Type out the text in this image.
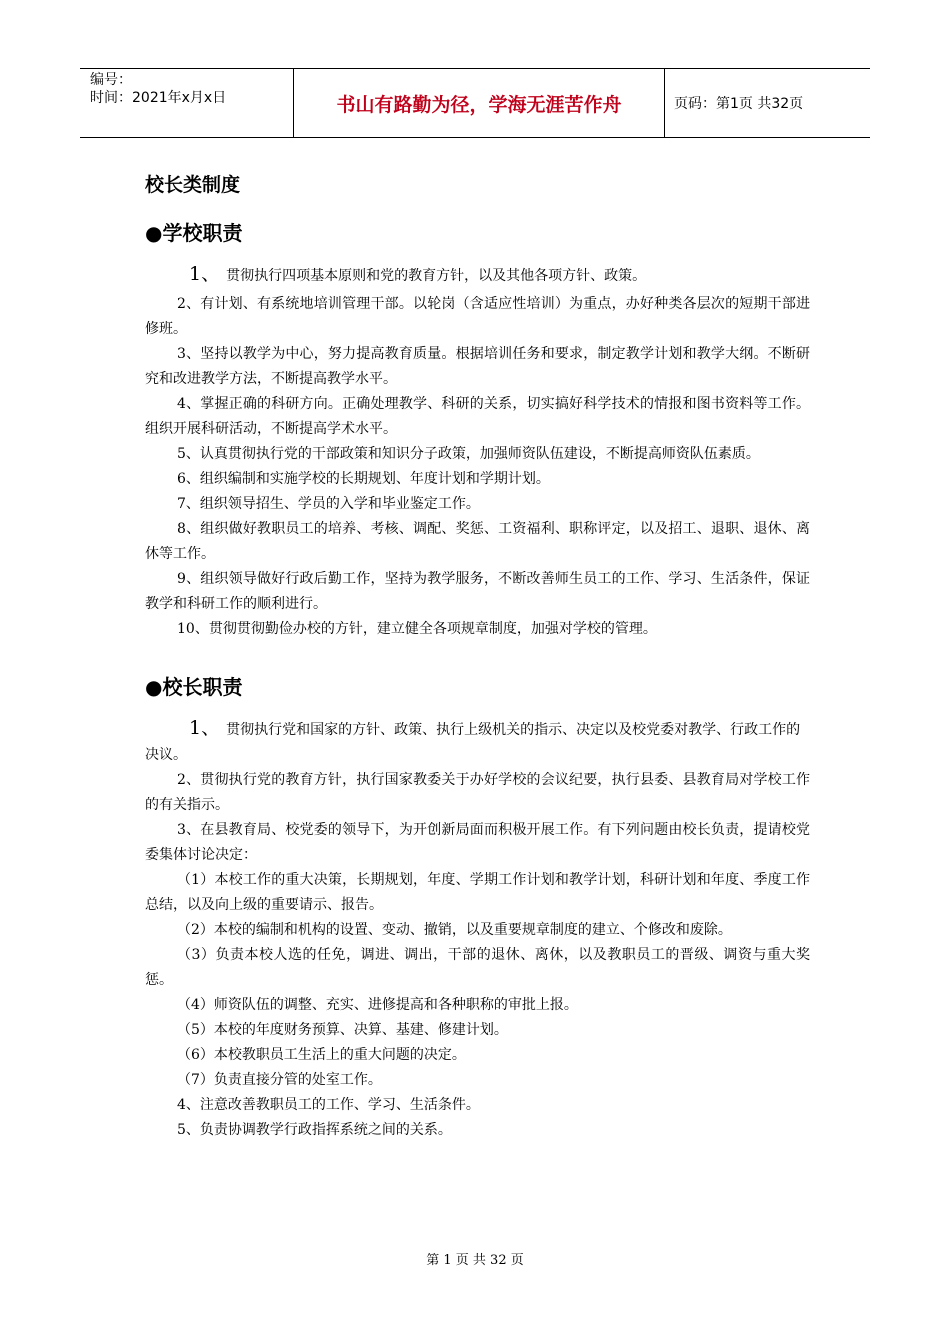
编号：
时间：2021年x月x日	书山有路勤为径，学海无涯苦作舟	页码：第1页 共32页
校长类制度
●学校职责
1、 贯彻执行四项基本原则和党的教育方针，以及其他各项方针、政策。

2、有计划、有系统地培训管理干部。以轮岗（含适应性培训）为重点，办好种类各层次的短期干部进修班。

3、坚持以教学为中心，努力提高教育质量。根据培训任务和要求，制定教学计划和教学大纲。不断研究和改进教学方法，不断提高教学水平。

4、掌握正确的科研方向。正确处理教学、科研的关系，切实搞好科学技术的情报和图书资料等工作。组织开展科研活动，不断提高学术水平。

5、认真贯彻执行党的干部政策和知识分子政策，加强师资队伍建设，不断提高师资队伍素质。

6、组织编制和实施学校的长期规划、年度计划和学期计划。

7、组织领导招生、学员的入学和毕业鉴定工作。

8、组织做好教职员工的培养、考核、调配、奖惩、工资福利、职称评定，以及招工、退职、退休、离休等工作。

9、组织领导做好行政后勤工作，坚持为教学服务，不断改善师生员工的工作、学习、生活条件，保证教学和科研工作的顺利进行。

10、贯彻贯彻勤俭办校的方针，建立健全各项规章制度，加强对学校的管理。

●校长职责
1、 贯彻执行党和国家的方针、政策、执行上级机关的指示、决定以及校党委对教学、行政工作的决议。

2、贯彻执行党的教育方针，执行国家教委关于办好学校的会议纪要，执行县委、县教育局对学校工作的有关指示。

3、在县教育局、校党委的领导下，为开创新局面而积极开展工作。有下列问题由校长负责，提请校党委集体讨论决定：

（1）本校工作的重大决策，长期规划，年度、学期工作计划和教学计划，科研计划和年度、季度工作总结，以及向上级的重要请示、报告。

（2）本校的编制和机构的设置、变动、撤销，以及重要规章制度的建立、个修改和废除。

（3）负责本校人选的任免，调进、调出，干部的退休、离休，以及教职员工的晋级、调资与重大奖惩。

（4）师资队伍的调整、充实、进修提高和各种职称的审批上报。

（5）本校的年度财务预算、决算、基建、修建计划。

（6）本校教职员工生活上的重大问题的决定。

（7）负责直接分管的处室工作。

4、注意改善教职员工的工作、学习、生活条件。

5、负责协调教学行政指挥系统之间的关系。

第 1 页 共 32 页
